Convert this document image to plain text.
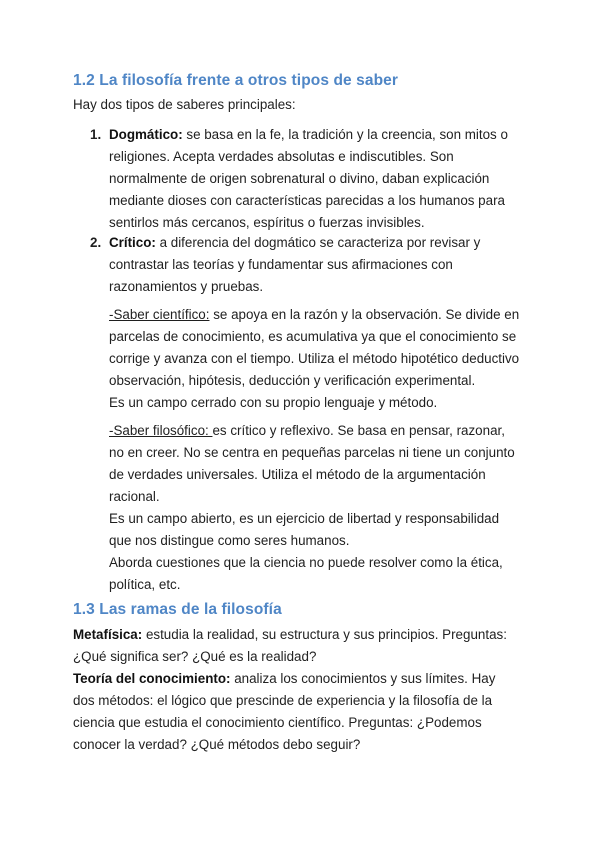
1.2 La filosofía frente a otros tipos de saber
Hay dos tipos de saberes principales:
1. Dogmático: se basa en la fe, la tradición y la creencia, son mitos o
religiones. Acepta verdades absolutas e indiscutibles. Son
normalmente de origen sobrenatural o divino, daban explicación
mediante dioses con características parecidas a los humanos para
sentirlos más cercanos, espíritus o fuerzas invisibles.
2. Crítico: a diferencia del dogmático se caracteriza por revisar y
contrastar las teorías y fundamentar sus afirmaciones con
razonamientos y pruebas.
-Saber científico: se apoya en la razón y la observación. Se divide en
parcelas de conocimiento, es acumulativa ya que el conocimiento se
corrige y avanza con el tiempo. Utiliza el método hipotético deductivo
observación, hipótesis, deducción y verificación experimental.
Es un campo cerrado con su propio lenguaje y método.
-Saber filosófico: es crítico y reflexivo. Se basa en pensar, razonar,
no en creer. No se centra en pequeñas parcelas ni tiene un conjunto
de verdades universales. Utiliza el método de la argumentación
racional.
Es un campo abierto, es un ejercicio de libertad y responsabilidad
que nos distingue como seres humanos.
Aborda cuestiones que la ciencia no puede resolver como la ética,
política, etc.
1.3 Las ramas de la filosofía
Metafísica: estudia la realidad, su estructura y sus principios. Preguntas:
¿Qué significa ser? ¿Qué es la realidad?
Teoría del conocimiento: analiza los conocimientos y sus límites. Hay
dos métodos: el lógico que prescinde de experiencia y la filosofía de la
ciencia que estudia el conocimiento científico. Preguntas: ¿Podemos
conocer la verdad? ¿Qué métodos debo seguir?
